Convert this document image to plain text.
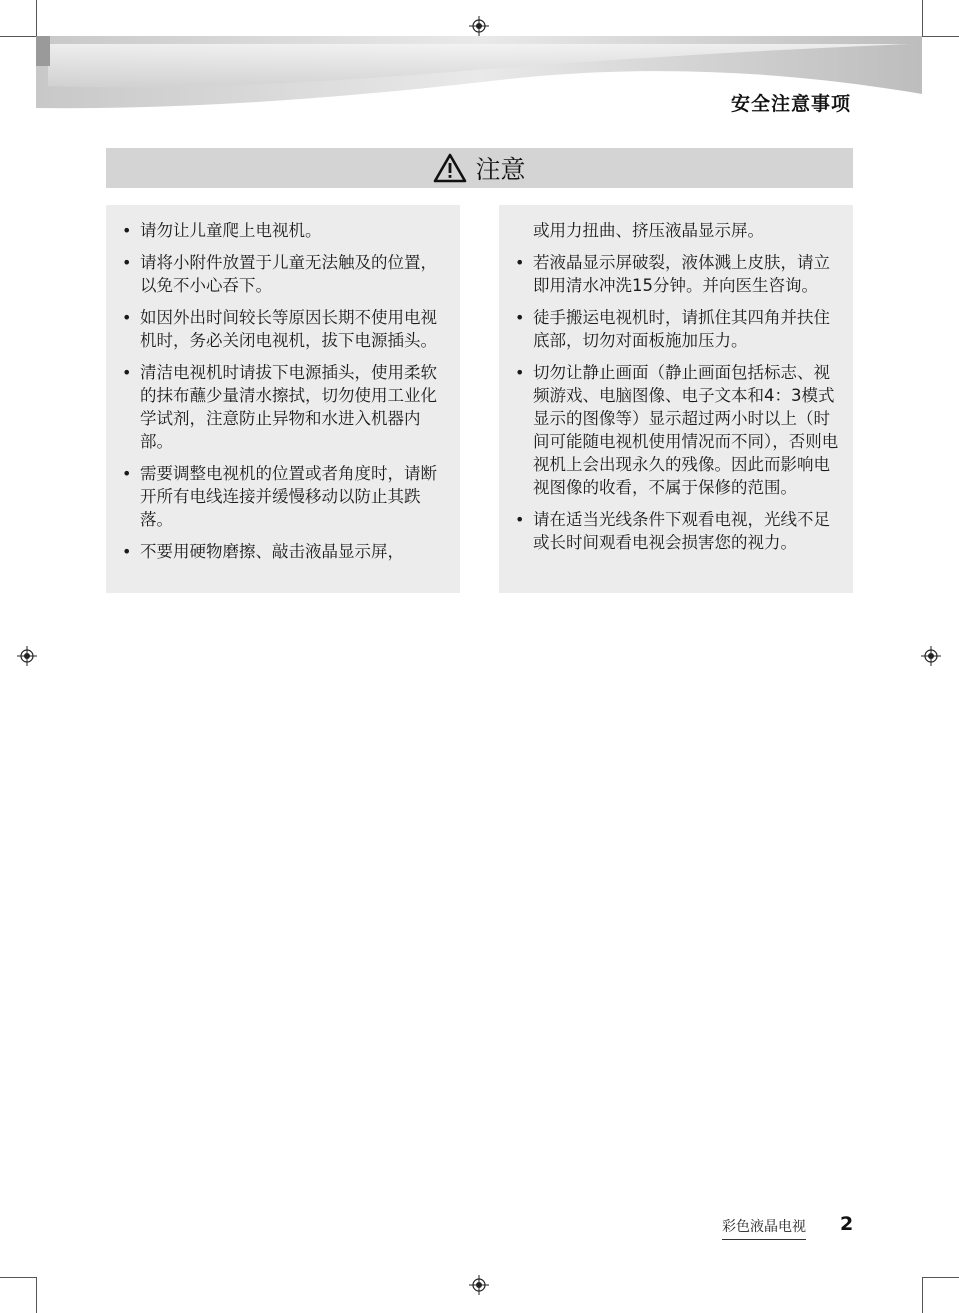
安全注意事项
注意
• 请勿让儿童爬上电视机。
• 请将小附件放置于儿童无法触及的位置，以免不小心吞下。
• 如因外出时间较长等原因长期不使用电视机时，务必关闭电视机，拔下电源插头。
• 清洁电视机时请拔下电源插头，使用柔软的抹布蘸少量清水擦拭，切勿使用工业化学试剂，注意防止异物和水进入机器内部。
• 需要调整电视机的位置或者角度时，请断开所有电线连接并缓慢移动以防止其跌落。
• 不要用硬物磨擦、敲击液晶显示屏，
或用力扭曲、挤压液晶显示屏。
• 若液晶显示屏破裂，液体溅上皮肤，请立即用清水冲洗15分钟。并向医生咨询。
• 徒手搬运电视机时，请抓住其四角并扶住底部，切勿对面板施加压力。
• 切勿让静止画面（静止画面包括标志、视频游戏、电脑图像、电子文本和4：3模式显示的图像等）显示超过两小时以上（时间可能随电视机使用情况而不同），否则电视机上会出现永久的残像。因此而影响电视图像的收看，不属于保修的范围。
• 请在适当光线条件下观看电视，光线不足或长时间观看电视会损害您的视力。
彩色液晶电视 2
